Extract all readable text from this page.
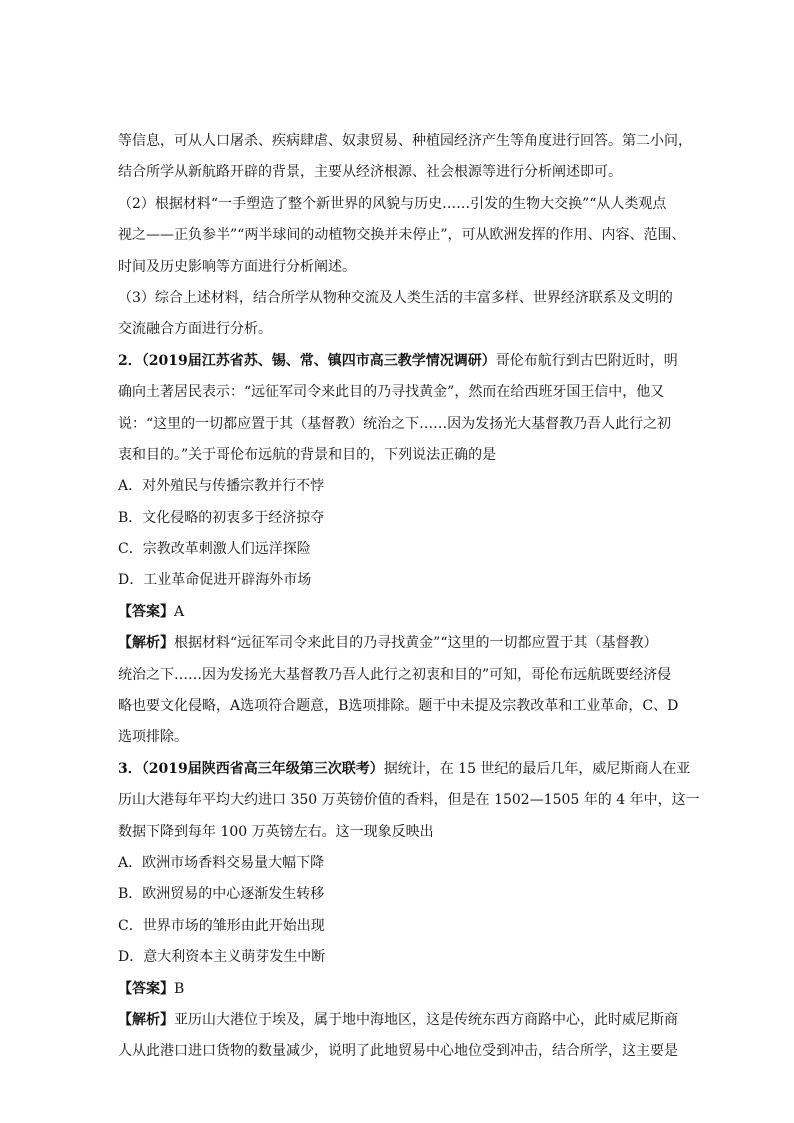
等信息，可从人口屠杀、疾病肆虐、奴隶贸易、种植园经济产生等角度进行回答。第二小问，
结合所学从新航路开辟的背景，主要从经济根源、社会根源等进行分析阐述即可。
（2）根据材料“一手塑造了整个新世界的风貌与历史……引发的生物大交换”“从人类观点
视之——正负参半”“两半球间的动植物交换并未停止”，可从欧洲发挥的作用、内容、范围、
时间及历史影响等方面进行分析阐述。
（3）综合上述材料，结合所学从物种交流及人类生活的丰富多样、世界经济联系及文明的
交流融合方面进行分析。
2．（2019届江苏省苏、锡、常、镇四市高三教学情况调研）哥伦布航行到古巴附近时，明
确向土著居民表示：“远征军司令来此目的乃寻找黄金”，然而在给西班牙国王信中，他又
说：“这里的一切都应置于其（基督教）统治之下……因为发扬光大基督教乃吾人此行之初
衷和目的。”关于哥伦布远航的背景和目的，下列说法正确的是
A．对外殖民与传播宗教并行不悖
B．文化侵略的初衷多于经济掠夺
C．宗教改革刺激人们远洋探险
D．工业革命促进开辟海外市场
【答案】A
【解析】根据材料“远征军司令来此目的乃寻找黄金”“这里的一切都应置于其（基督教）
统治之下……因为发扬光大基督教乃吾人此行之初衷和目的”可知，哥伦布远航既要经济侵
略也要文化侵略，A选项符合题意，B选项排除。题干中未提及宗教改革和工业革命，C、D
选项排除。
3．（2019届陕西省高三年级第三次联考）据统计，在 15 世纪的最后几年，威尼斯商人在亚
历山大港每年平均大约进口 350 万英镑价值的香料，但是在 1502—1505 年的 4 年中，这一
数据下降到每年 100 万英镑左右。这一现象反映出
A．欧洲市场香料交易量大幅下降
B．欧洲贸易的中心逐渐发生转移
C．世界市场的雏形由此开始出现
D．意大利资本主义萌芽发生中断
【答案】B
【解析】亚历山大港位于埃及，属于地中海地区，这是传统东西方商路中心，此时威尼斯商
人从此港口进口货物的数量减少，说明了此地贸易中心地位受到冲击，结合所学，这主要是
